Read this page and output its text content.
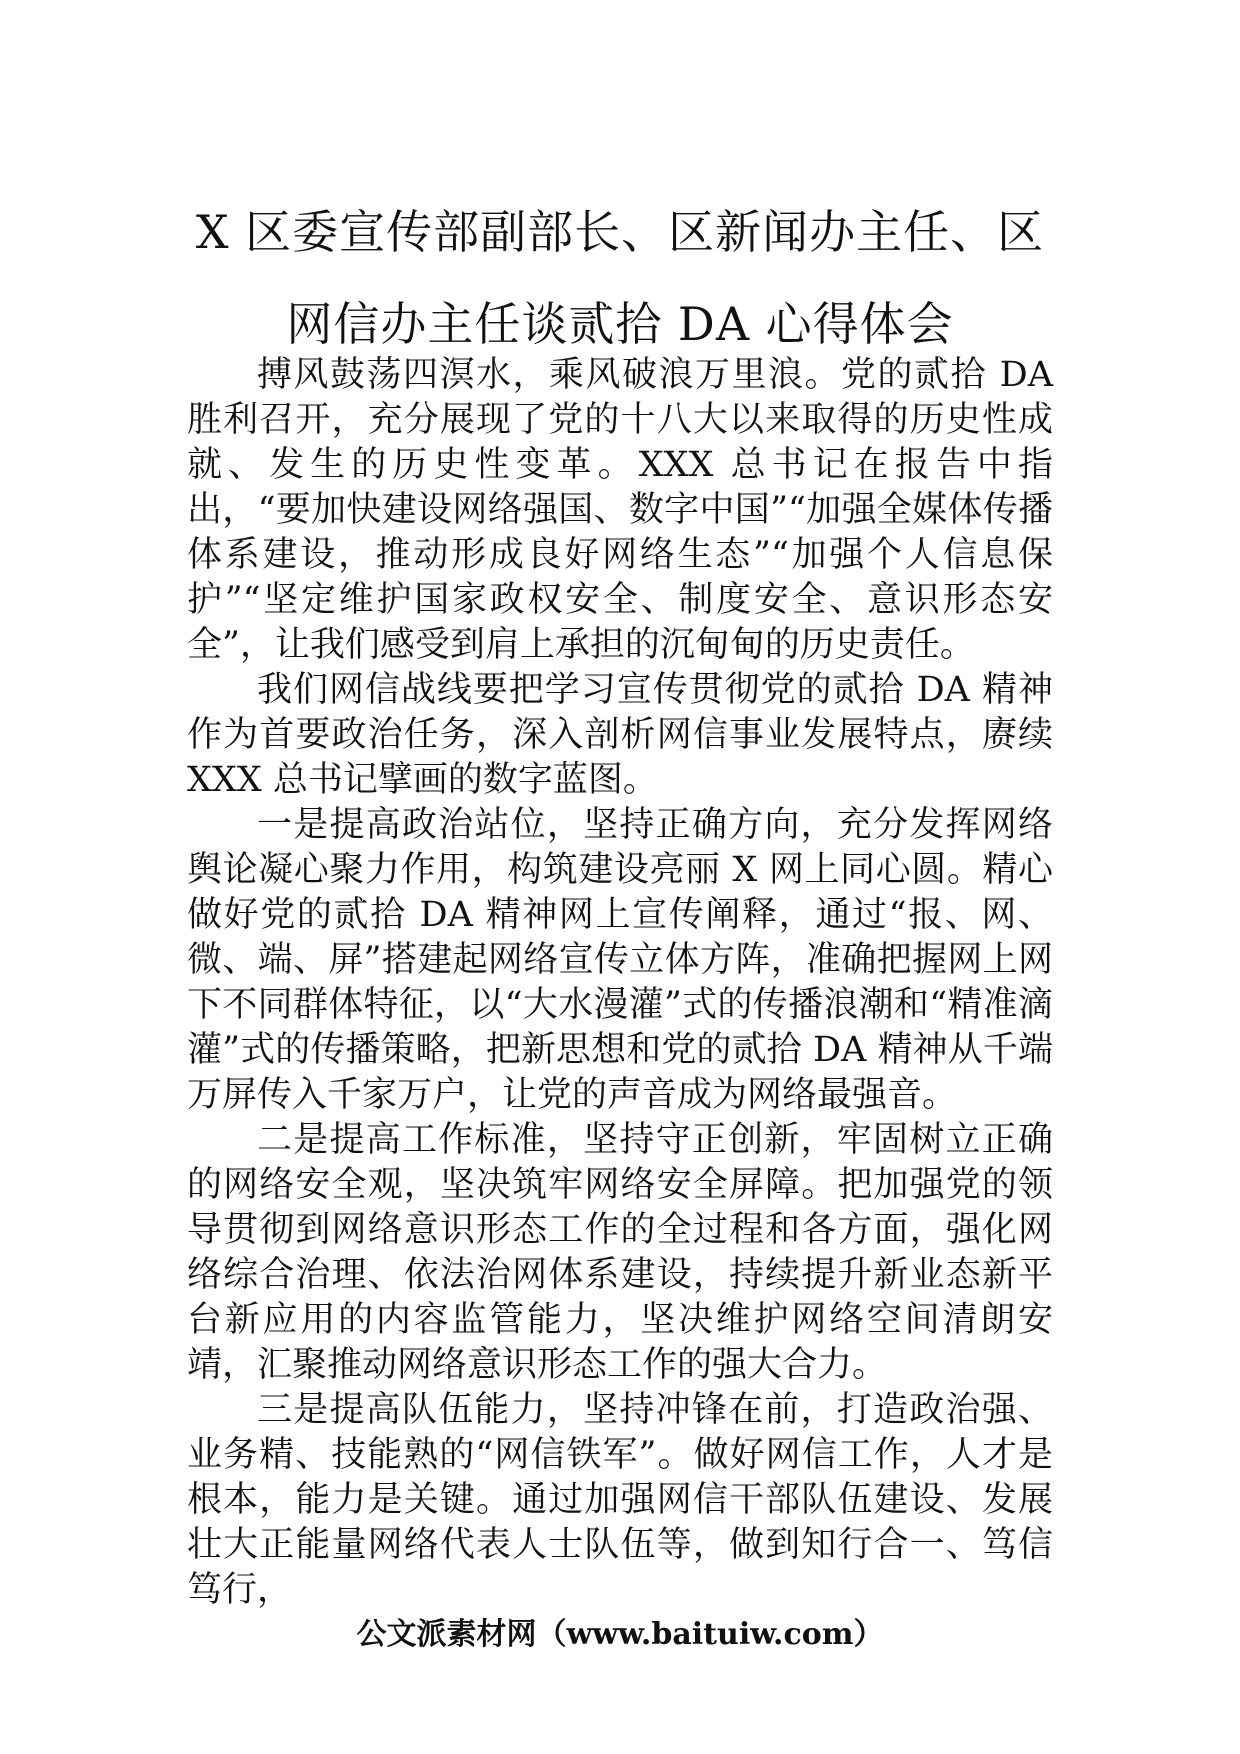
X 区委宣传部副部长、区新闻办主任、区
网信办主任谈贰拾 DA 心得体会

搏风鼓荡四溟水，乘风破浪万里浪。党的贰拾 DA 胜利召开，充分展现了党的十八大以来取得的历史性成就、发生的历史性变革。XXX 总书记在报告中指出，“要加快建设网络强国、数字中国”“加强全媒体传播体系建设，推动形成良好网络生态”“加强个人信息保护”“坚定维护国家政权安全、制度安全、意识形态安全”，让我们感受到肩上承担的沉甸甸的历史责任。

我们网信战线要把学习宣传贯彻党的贰拾 DA 精神作为首要政治任务，深入剖析网信事业发展特点，赓续 XXX 总书记擘画的数字蓝图。

一是提高政治站位，坚持正确方向，充分发挥网络舆论凝心聚力作用，构筑建设亮丽 X 网上同心圆。精心做好党的贰拾 DA 精神网上宣传阐释，通过“报、网、微、端、屏”搭建起网络宣传立体方阵，准确把握网上网下不同群体特征，以“大水漫灌”式的传播浪潮和“精准滴灌”式的传播策略，把新思想和党的贰拾 DA 精神从千端万屏传入千家万户，让党的声音成为网络最强音。

二是提高工作标准，坚持守正创新，牢固树立正确的网络安全观，坚决筑牢网络安全屏障。把加强党的领导贯彻到网络意识形态工作的全过程和各方面，强化网络综合治理、依法治网体系建设，持续提升新业态新平台新应用的内容监管能力，坚决维护网络空间清朗安靖，汇聚推动网络意识形态工作的强大合力。

三是提高队伍能力，坚持冲锋在前，打造政治强、业务精、技能熟的“网信铁军”。做好网信工作，人才是根本，能力是关键。通过加强网信干部队伍建设、发展壮大正能量网络代表人士队伍等，做到知行合一、笃信笃行，

公文派素材网（www.baituiw.com）
